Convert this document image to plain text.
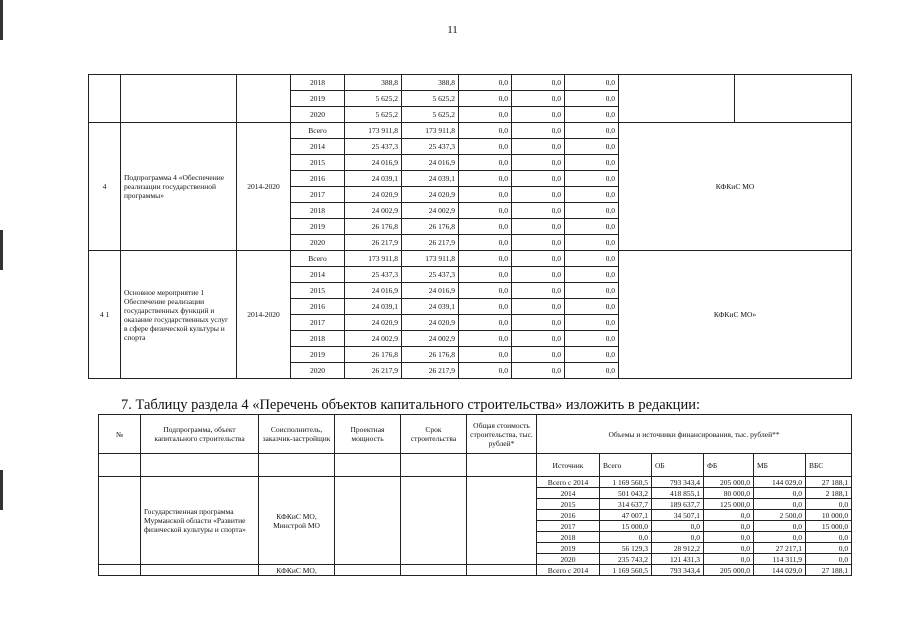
11
			2018	388,8	388,8	0,0	0,0	0,0		
			2019	5 625,2	5 625,2	0,0	0,0	0,0		
			2020	5 625,2	5 625,2	0,0	0,0	0,0		
4	Подпрограмма 4 «Обеспечение реализации государственной программы»	2014-2020	Всего	173 911,8	173 911,8	0,0	0,0	0,0	КФКиС МО	
			2014	25 437,3	25 437,3	0,0	0,0	0,0		
			2015	24 016,9	24 016,9	0,0	0,0	0,0		
			2016	24 039,1	24 039,1	0,0	0,0	0,0		
			2017	24 020,9	24 020,9	0,0	0,0	0,0		
			2018	24 002,9	24 002,9	0,0	0,0	0,0		
			2019	26 176,8	26 176,8	0,0	0,0	0,0		
			2020	26 217,9	26 217,9	0,0	0,0	0,0		
4 1	Основное мероприятие 1 Обеспечение реализации государственных функций и оказание государственных услуг в сфере физической культуры и спорта	2014-2020	Всего	173 911,8	173 911,8	0,0	0,0	0,0	КФКиС МО»	
			2014	25 437,3	25 437,3	0,0	0,0	0,0		
			2015	24 016,9	24 016,9	0,0	0,0	0,0		
			2016	24 039,1	24 039,1	0,0	0,0	0,0		
			2017	24 020,9	24 020,9	0,0	0,0	0,0		
			2018	24 002,9	24 002,9	0,0	0,0	0,0		
			2019	26 176,8	26 176,8	0,0	0,0	0,0		
			2020	26 217,9	26 217,9	0,0	0,0	0,0		
7. Таблицу раздела 4 «Перечень объектов капитального строительства» изложить в редакции:
№	Подпрограмма, объект капитального строительства	Соисполнитель, заказчик-застройщик	Проектная мощность	Срок строительства	Общая стоимость строительства, тыс. рублей*	Объемы и источники финансирования, тыс. рублей**					
						Источник	Всего	ОБ	ФБ	МБ	ВБС
	Государственная программа Мурманской области «Развитие физической культуры и спорта»	КФКиС МО, Минстрой МО				Всего с 2014	1 169 560,5	793 343,4	205 000,0	144 029,0	27 188,1
						2014	501 043,2	418 855,1	80 000,0	0,0	2 188,1
						2015	314 637,7	189 637,7	125 000,0	0,0	0,0
						2016	47 007,1	34 507,1	0,0	2 500,0	10 000,0
						2017	15 000,0	0,0	0,0	0,0	15 000,0
						2018	0,0	0,0	0,0	0,0	0,0
						2019	56 129,3	28 912,2	0,0	27 217,1	0,0
						2020	235 743,2	121 431,3	0,0	114 311,9	0,0
		КФКиС МО,				Всего с 2014	1 169 560,5	793 343,4	205 000,0	144 029,0	27 188,1
